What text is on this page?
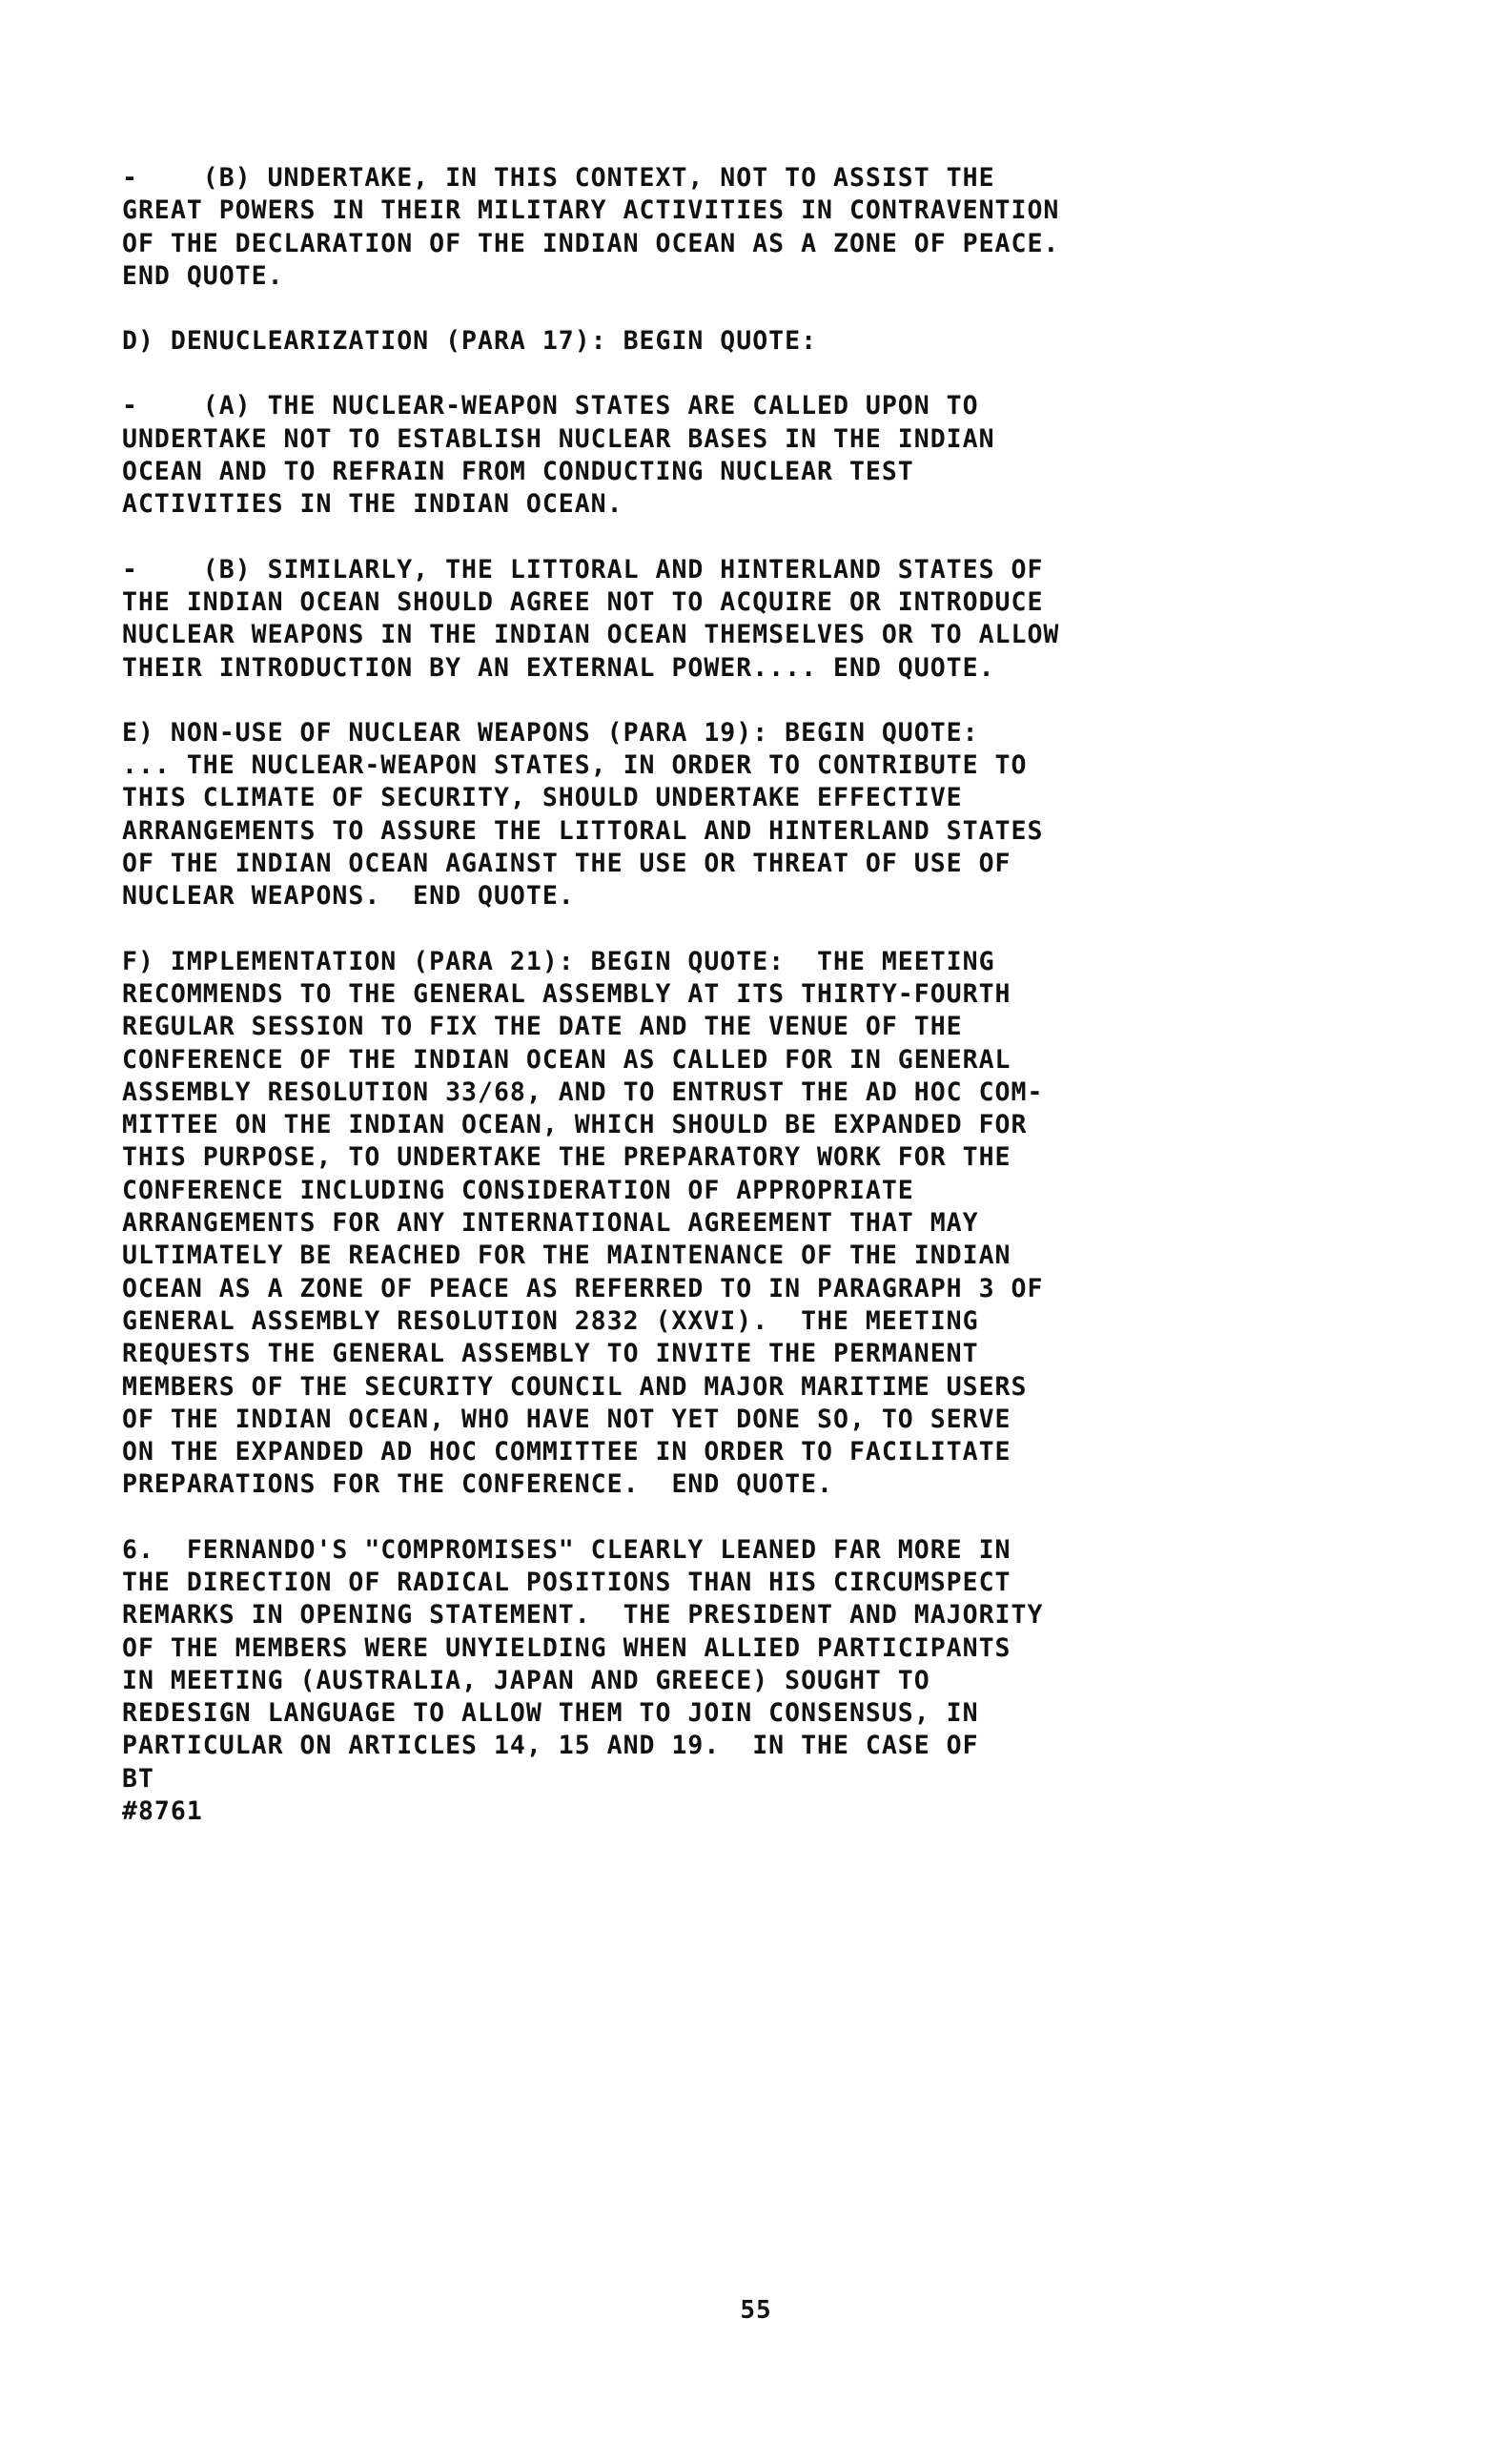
-    (B) UNDERTAKE, IN THIS CONTEXT, NOT TO ASSIST THE
GREAT POWERS IN THEIR MILITARY ACTIVITIES IN CONTRAVENTION
OF THE DECLARATION OF THE INDIAN OCEAN AS A ZONE OF PEACE.
END QUOTE.

D) DENUCLEARIZATION (PARA 17): BEGIN QUOTE:

-    (A) THE NUCLEAR-WEAPON STATES ARE CALLED UPON TO
UNDERTAKE NOT TO ESTABLISH NUCLEAR BASES IN THE INDIAN
OCEAN AND TO REFRAIN FROM CONDUCTING NUCLEAR TEST
ACTIVITIES IN THE INDIAN OCEAN.

-    (B) SIMILARLY, THE LITTORAL AND HINTERLAND STATES OF
THE INDIAN OCEAN SHOULD AGREE NOT TO ACQUIRE OR INTRODUCE
NUCLEAR WEAPONS IN THE INDIAN OCEAN THEMSELVES OR TO ALLOW
THEIR INTRODUCTION BY AN EXTERNAL POWER.... END QUOTE.

E) NON-USE OF NUCLEAR WEAPONS (PARA 19): BEGIN QUOTE:
... THE NUCLEAR-WEAPON STATES, IN ORDER TO CONTRIBUTE TO
THIS CLIMATE OF SECURITY, SHOULD UNDERTAKE EFFECTIVE
ARRANGEMENTS TO ASSURE THE LITTORAL AND HINTERLAND STATES
OF THE INDIAN OCEAN AGAINST THE USE OR THREAT OF USE OF
NUCLEAR WEAPONS.  END QUOTE.

F) IMPLEMENTATION (PARA 21): BEGIN QUOTE:  THE MEETING
RECOMMENDS TO THE GENERAL ASSEMBLY AT ITS THIRTY-FOURTH
REGULAR SESSION TO FIX THE DATE AND THE VENUE OF THE
CONFERENCE OF THE INDIAN OCEAN AS CALLED FOR IN GENERAL
ASSEMBLY RESOLUTION 33/68, AND TO ENTRUST THE AD HOC COM-
MITTEE ON THE INDIAN OCEAN, WHICH SHOULD BE EXPANDED FOR
THIS PURPOSE, TO UNDERTAKE THE PREPARATORY WORK FOR THE
CONFERENCE INCLUDING CONSIDERATION OF APPROPRIATE
ARRANGEMENTS FOR ANY INTERNATIONAL AGREEMENT THAT MAY
ULTIMATELY BE REACHED FOR THE MAINTENANCE OF THE INDIAN
OCEAN AS A ZONE OF PEACE AS REFERRED TO IN PARAGRAPH 3 OF
GENERAL ASSEMBLY RESOLUTION 2832 (XXVI).  THE MEETING
REQUESTS THE GENERAL ASSEMBLY TO INVITE THE PERMANENT
MEMBERS OF THE SECURITY COUNCIL AND MAJOR MARITIME USERS
OF THE INDIAN OCEAN, WHO HAVE NOT YET DONE SO, TO SERVE
ON THE EXPANDED AD HOC COMMITTEE IN ORDER TO FACILITATE
PREPARATIONS FOR THE CONFERENCE.  END QUOTE.

6.  FERNANDO'S "COMPROMISES" CLEARLY LEANED FAR MORE IN
THE DIRECTION OF RADICAL POSITIONS THAN HIS CIRCUMSPECT
REMARKS IN OPENING STATEMENT.  THE PRESIDENT AND MAJORITY
OF THE MEMBERS WERE UNYIELDING WHEN ALLIED PARTICIPANTS
IN MEETING (AUSTRALIA, JAPAN AND GREECE) SOUGHT TO
REDESIGN LANGUAGE TO ALLOW THEM TO JOIN CONSENSUS, IN
PARTICULAR ON ARTICLES 14, 15 AND 19.  IN THE CASE OF
BT
#8761

55
